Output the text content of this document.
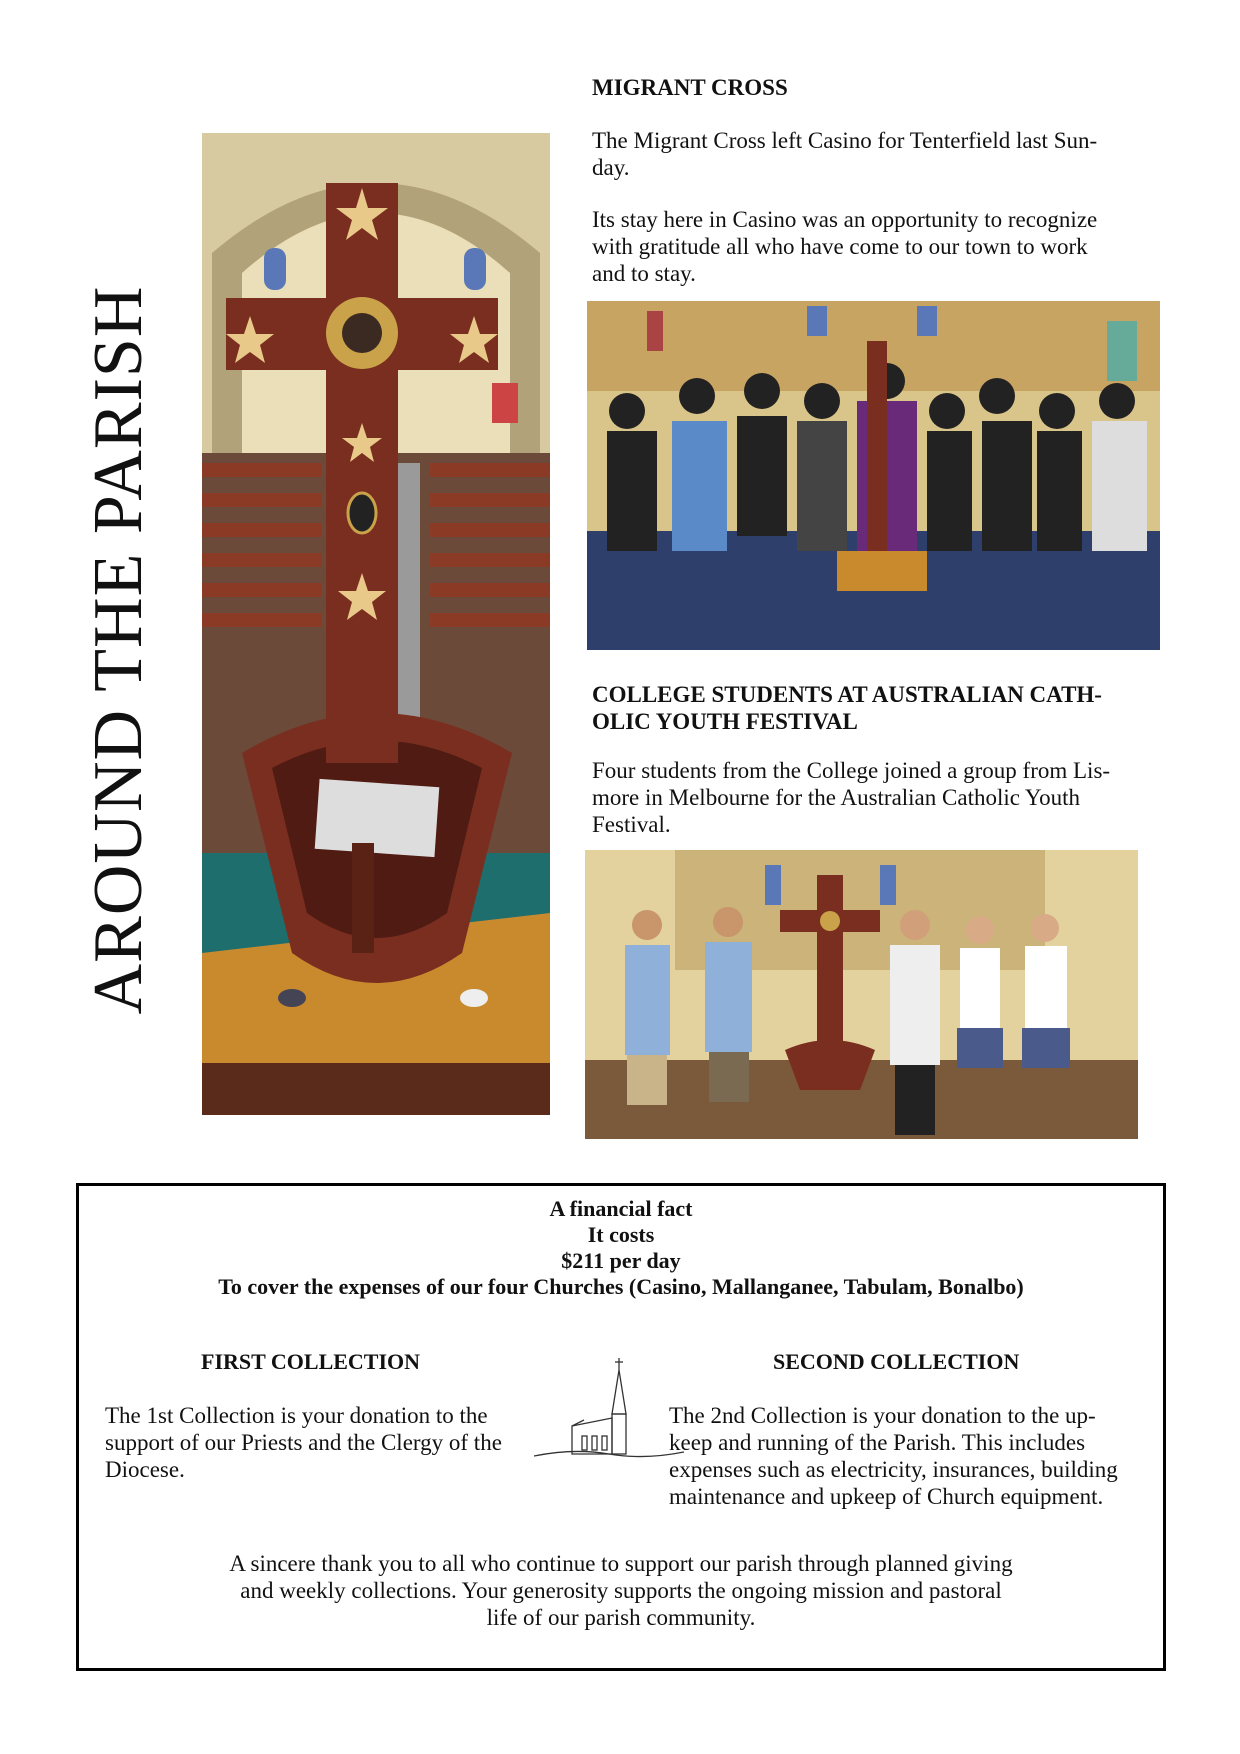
AROUND THE PARISH
MIGRANT CROSS

The Migrant Cross left Casino for Tenterfield last Sun-

day.

Its stay here in Casino was an opportunity to recognize

with gratitude all who have come to our town to work

and to stay.

COLLEGE STUDENTS AT AUSTRALIAN CATH-
OLIC YOUTH FESTIVAL

Four students from the College joined a group from Lis-

more in Melbourne for the Australian Catholic Youth

Festival.

A financial fact
It costs
$211 per day
To cover the expenses of our four Churches (Casino, Mallanganee, Tabulam, Bonalbo)
FIRST COLLECTION

The 1st Collection is your donation to the

support of our Priests and the Clergy of the

Diocese.

SECOND COLLECTION

The 2nd Collection is your donation to the up-

keep and running of the Parish. This includes

expenses such as electricity, insurances, building

maintenance and upkeep of Church equipment.

A sincere thank you to all who continue to support our parish through planned giving

and weekly collections. Your generosity supports the ongoing mission and pastoral

life of our parish community.
